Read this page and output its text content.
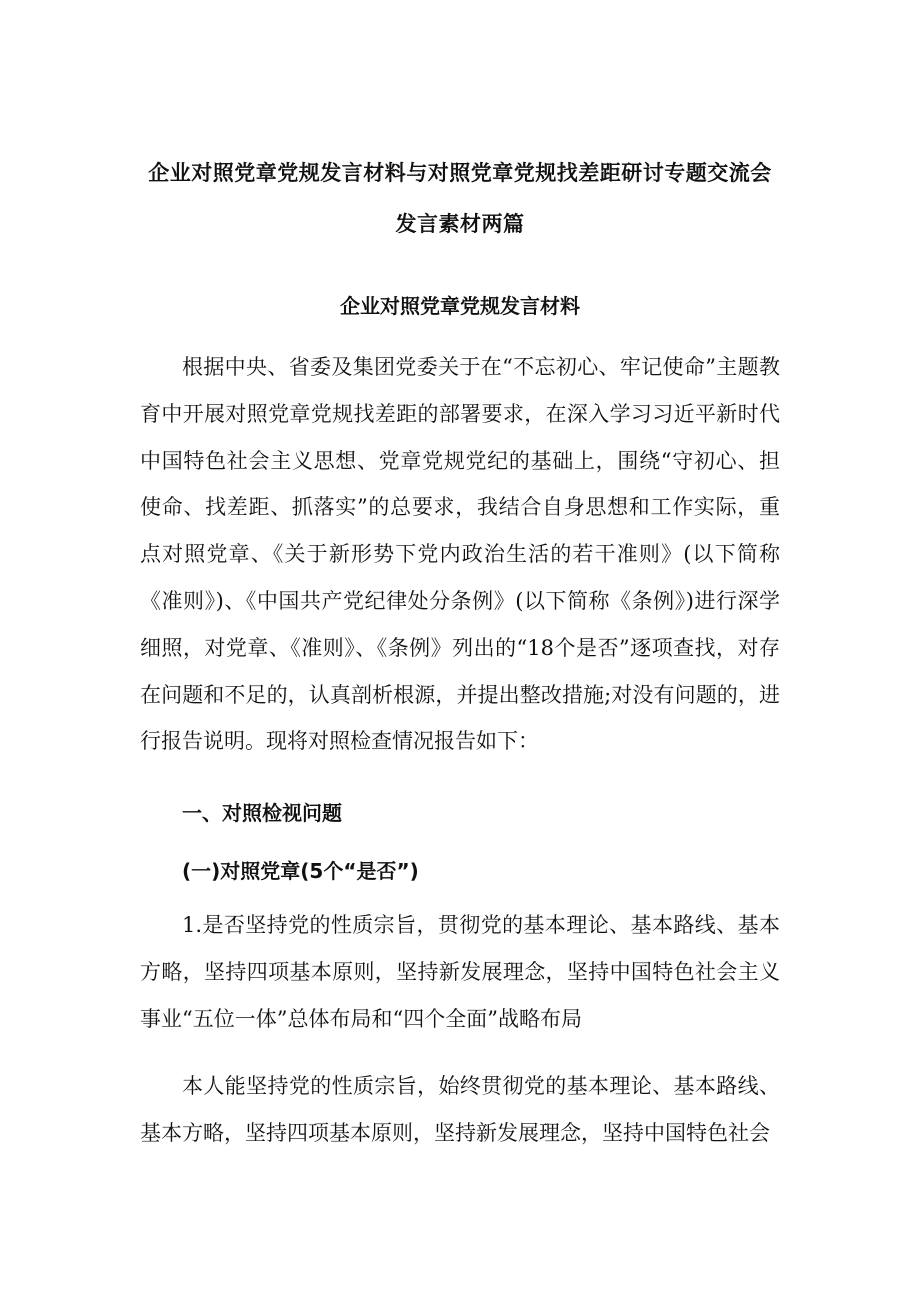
企业对照党章党规发言材料与对照党章党规找差距研讨专题交流会
发言素材两篇
企业对照党章党规发言材料

根据中央、省委及集团党委关于在“不忘初心、牢记使命”主题教育中开展对照党章党规找差距的部署要求，在深入学习习近平新时代中国特色社会主义思想、党章党规党纪的基础上，围绕“守初心、担使命、找差距、抓落实”的总要求，我结合自身思想和工作实际，重点对照党章、《关于新形势下党内政治生活的若干准则》(以下简称《准则》)、《中国共产党纪律处分条例》(以下简称《条例》)进行深学细照，对党章、《准则》、《条例》列出的“18个是否”逐项查找，对存在问题和不足的，认真剖析根源，并提出整改措施;对没有问题的，进行报告说明。现将对照检查情况报告如下：

一、对照检视问题
(一)对照党章(5个“是否”)

1.是否坚持党的性质宗旨，贯彻党的基本理论、基本路线、基本方略，坚持四项基本原则，坚持新发展理念，坚持中国特色社会主义事业“五位一体”总体布局和“四个全面”战略布局

本人能坚持党的性质宗旨，始终贯彻党的基本理论、基本路线、基本方略，坚持四项基本原则，坚持新发展理念，坚持中国特色社会
